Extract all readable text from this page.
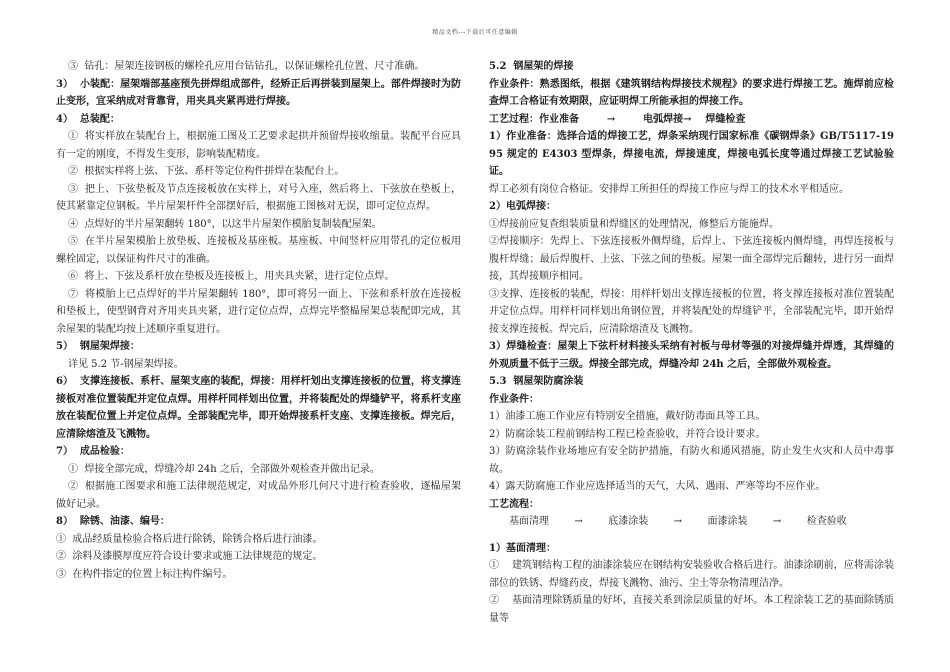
精品文档---下载后可任意编辑

③  钻孔：屋架连接钢板的螺栓孔应用台钻钻孔，以保证螺栓孔位置、尺寸准确。

3）  小装配：屋架端部基座预先拼焊组成部件，经矫正后再拼装到屋架上。部件焊接时为防止变形，宜采纳成对背靠背，用夹具夹紧再进行焊接。

4）  总装配：

①  将实样放在装配台上，根据施工图及工艺要求起拱并预留焊接收缩量。装配平台应具有一定的刚度，不得发生变形，影响装配精度。

②  根据实样将上弦、下弦、系杆等定位构件拼焊在装配台上。

③  把上、下弦垫板及节点连接板放在实样上，对号入座，然后将上、下弦放在垫板上，使其紧靠定位钢板。半片屋架杆件全部摆好后，根据施工图核对无误，即可定位点焊。

④  点焊好的半片屋架翻转 180°，以这半片屋架作模胎复制装配屋架。

⑤  在半片屋架模胎上放垫板、连接板及基座板。基座板、中间竖杆应用带孔的定位板用螺栓固定，以保证构件尺寸的准确。

⑥  将上、下弦及系杆放在垫板及连接板上，用夹具夹紧，进行定位点焊。

⑦  将模胎上已点焊好的半片屋架翻转 180°，即可将另一面上、下弦和系杆放在连接板和垫板上，使型钢背对齐用夹具夹紧，进行定位点焊，点焊完毕整榀屋架总装配即完成，其余屋架的装配均按上述顺序重复进行。

5）  钢屋架焊接：

详见 5.2 节-钢屋架焊接。

6）  支撑连接板、系杆、屋架支座的装配，焊接：用样杆划出支撑连接板的位置，将支撑连接板对准位置装配并定位点焊。用样杆同样划出位置，并将装配处的焊缝铲平，将系杆支座放在装配位置上并定位点焊。全部装配完毕，即开始焊接系杆支座、支撑连接板。焊完后，应清除熔渣及飞溅物。

7）  成品检验：

①  焊接全部完成，焊缝冷却 24h 之后，全部做外观检查并做出记录。

②  根据施工图要求和施工法律规范规定，对成品外形几何尺寸进行检查验收，逐榀屋架做好记录。

8）  除锈、油漆、编号：

①  成品经质量检验合格后进行除锈，除锈合格后进行油漆。

②  涂料及漆膜厚度应符合设计要求或施工法律规范的规定。

③  在构件指定的位置上标注构件编号。

5.2  钢屋架的焊接

作业条件：熟悉图纸，根据《建筑钢结构焊接技术规程》的要求进行焊接工艺。施焊前应检查焊工合格证有效期限，应证明焊工所能承担的焊接工作。

工艺过程：作业准备        →        电弧焊接→    焊缝检查

1）作业准备：选择合适的焊接工艺，焊条采纳现行国家标准《碳钢焊条》GB/T5117-1995 规定的 E4303 型焊条，焊接电流，焊接速度，焊接电弧长度等通过焊接工艺试验验证。

焊工必须有岗位合格证。安排焊工所担任的焊接工作应与焊工的技术水平相适应。

2）电弧焊接：

①焊接前应复查组装质量和焊缝区的处理情况，修整后方能施焊。

②焊接顺序：先焊上、下弦连接板外侧焊缝，后焊上、下弦连接板内侧焊缝，再焊连接板与腹杆焊缝；最后焊腹杆、上弦、下弦之间的垫板。屋架一面全部焊完后翻转，进行另一面焊接，其焊接顺序相同。

③支撑、连接板的装配，焊接：用样杆划出支撑连接板的位置，将支撑连接板对准位置装配并定位点焊。用样杆同样划出角钢位置，并将装配处的焊缝铲平，全部装配完毕，即开始焊接支撑连接板。焊完后，应清除熔渣及飞溅物。

3）焊缝检查：屋架上下弦杆材料接头采纳有衬板与母材等强的对接焊缝并焊透，其焊缝的外观质量不低于三级。焊接全部完成，焊缝冷却 24h 之后，全部做外观检查。

5.3  钢屋架防腐涂装

作业条件：

1）油漆工施工作业应有特别安全措施，戴好防毒面具等工具。

2）防腐涂装工程前钢结构工程已检查验收，并符合设计要求。

3）防腐涂装作业场地应有安全防护措施，有防火和通风措施，防止发生火灾和人员中毒事故。

4）露天防腐施工作业应选择适当的天气，大风、遇雨、严寒等均不应作业。

工艺流程：

基面清理        →        底漆涂装        →        面漆涂装        →        检查验收

1）基面清理：

①    建筑钢结构工程的油漆涂装应在钢结构安装验收合格后进行。油漆涂刷前，应将需涂装部位的铁锈、焊缝药皮，焊接飞溅物、油污、尘土等杂物清理洁净。

②    基面清理除锈质量的好坏，直接关系到涂层质量的好坏。本工程涂装工艺的基面除锈质量等
